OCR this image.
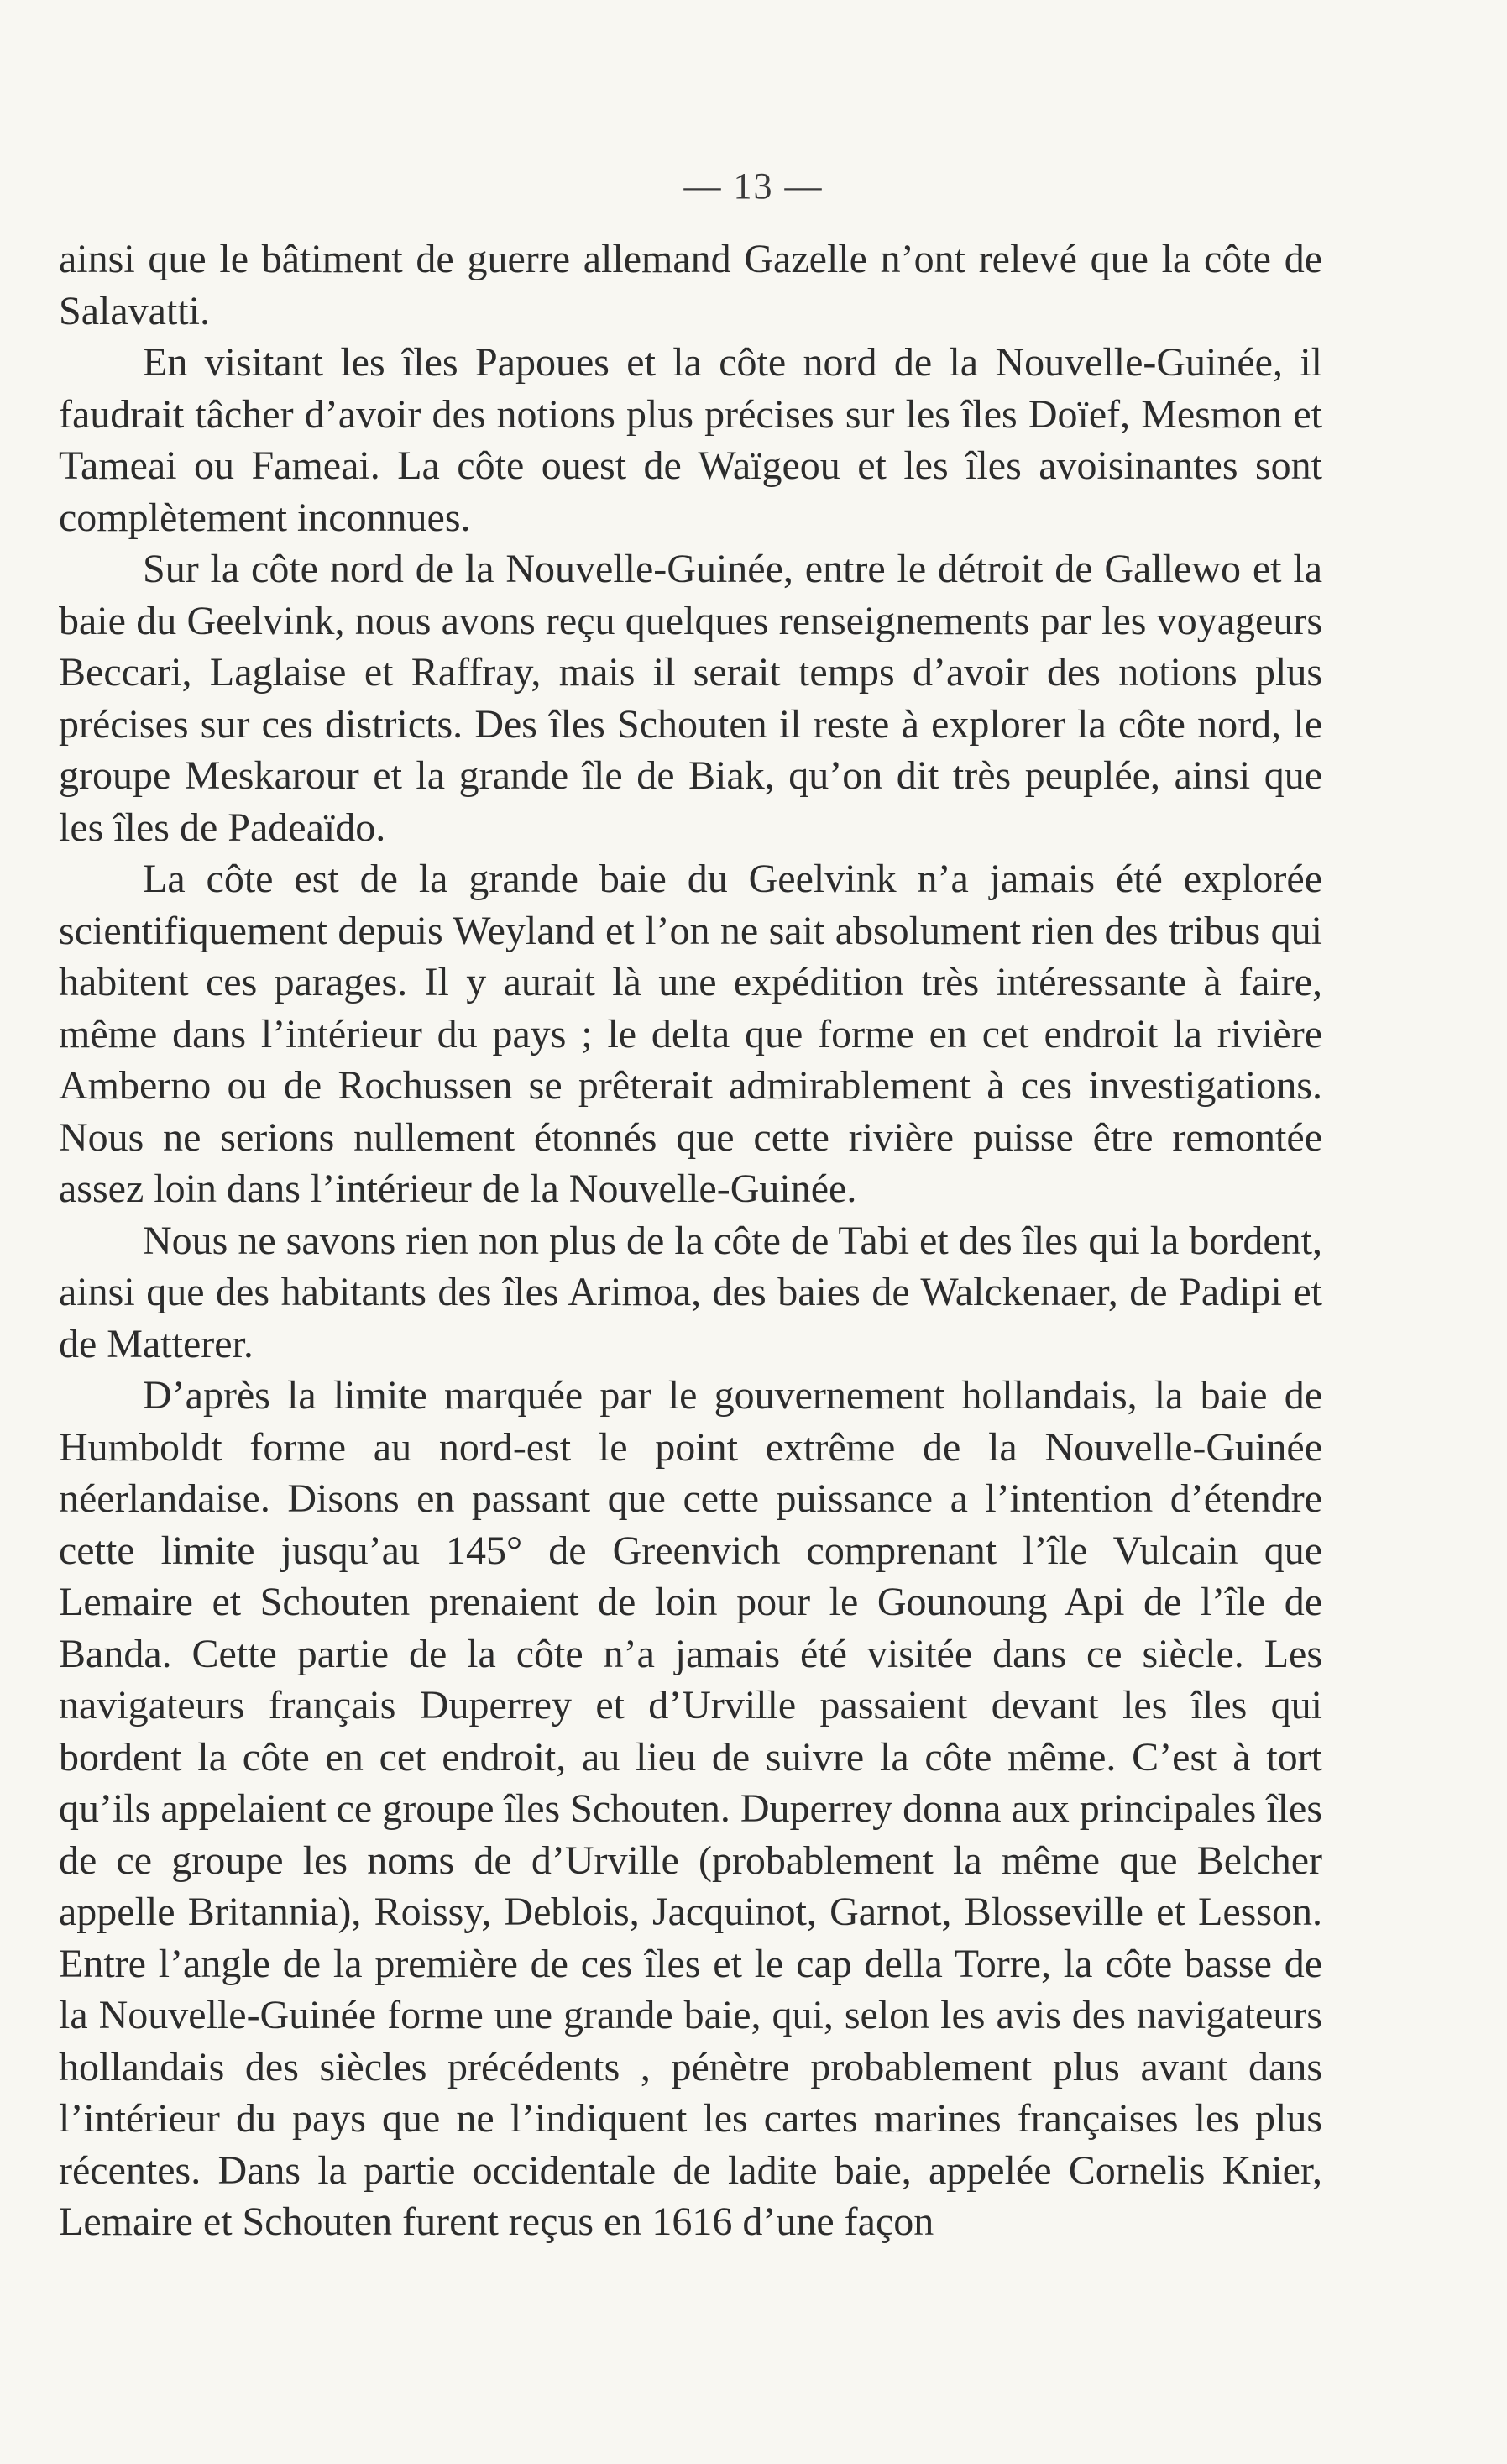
— 13 —

ainsi que le bâtiment de guerre allemand Gazelle n’ont relevé que la côte de Salavatti.

En visitant les îles Papoues et la côte nord de la Nouvelle-Guinée, il faudrait tâcher d’avoir des notions plus précises sur les îles Doïef, Mesmon et Tameai ou Fameai. La côte ouest de Waïgeou et les îles avoisinantes sont complètement inconnues.

Sur la côte nord de la Nouvelle-Guinée, entre le détroit de Gallewo et la baie du Geelvink, nous avons reçu quelques renseignements par les voyageurs Beccari, Laglaise et Raffray, mais il serait temps d’avoir des notions plus précises sur ces districts. Des îles Schouten il reste à explorer la côte nord, le groupe Meskarour et la grande île de Biak, qu’on dit très peuplée, ainsi que les îles de Padeaïdo.

La côte est de la grande baie du Geelvink n’a jamais été explorée scientifiquement depuis Weyland et l’on ne sait absolument rien des tribus qui habitent ces parages. Il y aurait là une expédition très intéressante à faire, même dans l’intérieur du pays ; le delta que forme en cet endroit la rivière Amberno ou de Rochussen se prêterait admirablement à ces investigations. Nous ne serions nullement étonnés que cette rivière puisse être remontée assez loin dans l’intérieur de la Nouvelle-Guinée.

Nous ne savons rien non plus de la côte de Tabi et des îles qui la bordent, ainsi que des habitants des îles Arimoa, des baies de Walckenaer, de Padipi et de Matterer.

D’après la limite marquée par le gouvernement hollandais, la baie de Humboldt forme au nord-est le point extrême de la Nouvelle-Guinée néerlandaise. Disons en passant que cette puissance a l’intention d’étendre cette limite jusqu’au 145° de Greenvich comprenant l’île Vulcain que Lemaire et Schouten prenaient de loin pour le Gounoung Api de l’île de Banda. Cette partie de la côte n’a jamais été visitée dans ce siècle. Les navigateurs français Duperrey et d’Urville passaient devant les îles qui bordent la côte en cet endroit, au lieu de suivre la côte même. C’est à tort qu’ils appelaient ce groupe îles Schouten. Duperrey donna aux principales îles de ce groupe les noms de d’Urville (probablement la même que Belcher appelle Britannia), Roissy, Deblois, Jacquinot, Garnot, Blosseville et Lesson. Entre l’angle de la première de ces îles et le cap della Torre, la côte basse de la Nouvelle-Guinée forme une grande baie, qui, selon les avis des navigateurs hollandais des siècles précédents , pénètre probablement plus avant dans l’intérieur du pays que ne l’indiquent les cartes marines françaises les plus récentes. Dans la partie occidentale de ladite baie, appelée Cornelis Knier, Lemaire et Schouten furent reçus en 1616 d’une façon
